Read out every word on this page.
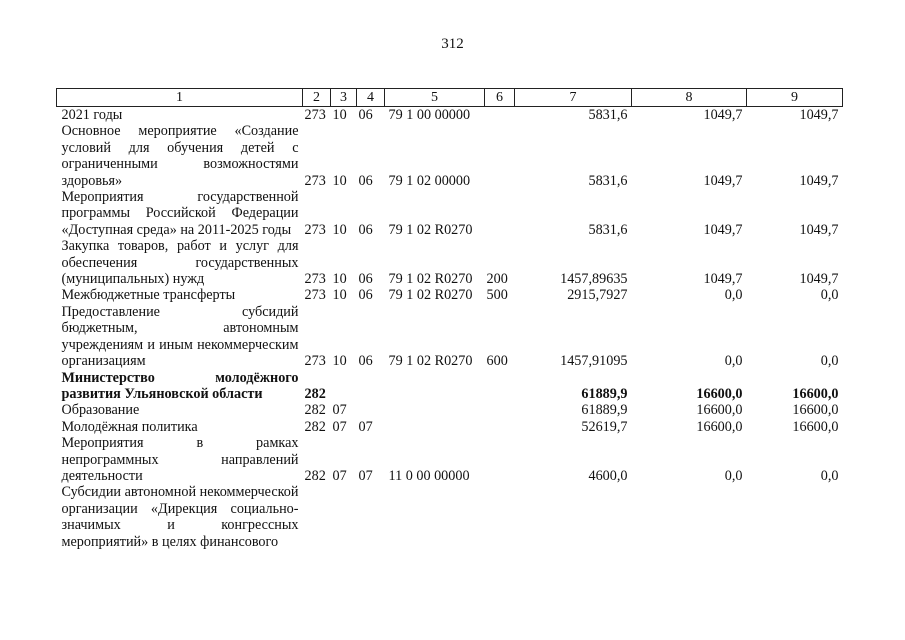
312
1	2	3	4	5	6	7	8	9
2021 годы	273	10	06	79 1 00 00000		5831,6	1049,7	1049,7
Основное мероприятие «Создание условий для обучения детей с ограниченными возможностями здоровья»	273	10	06	79 1 02 00000		5831,6	1049,7	1049,7
Мероприятия государственной программы Российской Федерации «Доступная среда» на 2011-2025 годы	273	10	06	79 1 02 R0270		5831,6	1049,7	1049,7
Закупка товаров, работ и услуг для обеспечения государственных (муниципальных) нужд	273	10	06	79 1 02 R0270	200	1457,89635	1049,7	1049,7
Межбюджетные трансферты	273	10	06	79 1 02 R0270	500	2915,7927	0,0	0,0
Предоставление субсидий бюджетным, автономным учреждениям и иным некоммерческим организациям	273	10	06	79 1 02 R0270	600	1457,91095	0,0	0,0
Министерство молодёжного развития Ульяновской области	282					61889,9	16600,0	16600,0
Образование	282	07				61889,9	16600,0	16600,0
Молодёжная политика	282	07	07			52619,7	16600,0	16600,0
Мероприятия в рамках непрограммных направлений деятельности	282	07	07	11 0 00 00000		4600,0	0,0	0,0
Субсидии автономной некоммерческой организации «Дирекция социально-значимых и конгрессных мероприятий» в целях финансового								
